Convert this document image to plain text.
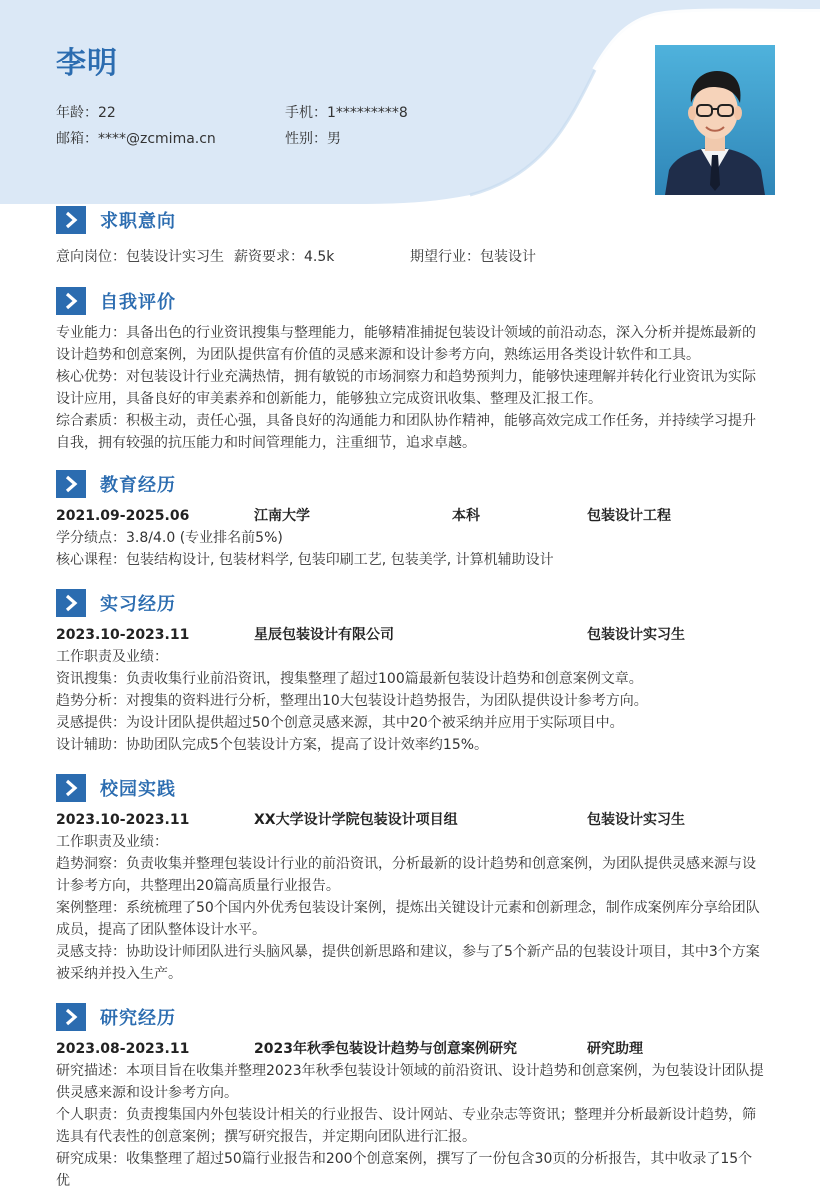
李明
年龄：22	手机：1*********8
邮箱：****@zcmima.cn	性别：男
求职意向
意向岗位：包装设计实习生 薪资要求：4.5k	期望行业：包装设计
自我评价

专业能力：具备出色的行业资讯搜集与整理能力，能够精准捕捉包装设计领域的前沿动态，深入分析并提炼最新的设计趋势和创意案例，为团队提供富有价值的灵感来源和设计参考方向，熟练运用各类设计软件和工具。

核心优势：对包装设计行业充满热情，拥有敏锐的市场洞察力和趋势预判力，能够快速理解并转化行业资讯为实际设计应用，具备良好的审美素养和创新能力，能够独立完成资讯收集、整理及汇报工作。

综合素质：积极主动，责任心强，具备良好的沟通能力和团队协作精神，能够高效完成工作任务，并持续学习提升自我，拥有较强的抗压能力和时间管理能力，注重细节，追求卓越。

教育经历
2021.09-2025.06	江南大学	本科	包装设计工程
学分绩点：3.8/4.0 (专业排名前5%)
核心课程：包装结构设计, 包装材料学, 包装印刷工艺, 包装美学, 计算机辅助设计
实习经历
2023.10-2023.11	星辰包装设计有限公司	包装设计实习生
工作职责及业绩：
资讯搜集：负责收集行业前沿资讯，搜集整理了超过100篇最新包装设计趋势和创意案例文章。
趋势分析：对搜集的资料进行分析，整理出10大包装设计趋势报告，为团队提供设计参考方向。
灵感提供：为设计团队提供超过50个创意灵感来源，其中20个被采纳并应用于实际项目中。
设计辅助：协助团队完成5个包装设计方案，提高了设计效率约15%。
校园实践
2023.10-2023.11	XX大学设计学院包装设计项目组	包装设计实习生

工作职责及业绩：

趋势洞察：负责收集并整理包装设计行业的前沿资讯，分析最新的设计趋势和创意案例，为团队提供灵感来源与设计参考方向，共整理出20篇高质量行业报告。

案例整理：系统梳理了50个国内外优秀包装设计案例，提炼出关键设计元素和创新理念，制作成案例库分享给团队成员，提高了团队整体设计水平。

灵感支持：协助设计师团队进行头脑风暴，提供创新思路和建议，参与了5个新产品的包装设计项目，其中3个方案被采纳并投入生产。

研究经历
2023.08-2023.11	2023年秋季包装设计趋势与创意案例研究	研究助理

研究描述：本项目旨在收集并整理2023年秋季包装设计领域的前沿资讯、设计趋势和创意案例，为包装设计团队提供灵感来源和设计参考方向。

个人职责：负责搜集国内外包装设计相关的行业报告、设计网站、专业杂志等资讯；整理并分析最新设计趋势，筛选具有代表性的创意案例；撰写研究报告，并定期向团队进行汇报。

研究成果：收集整理了超过50篇行业报告和200个创意案例，撰写了一份包含30页的分析报告，其中收录了15个优
